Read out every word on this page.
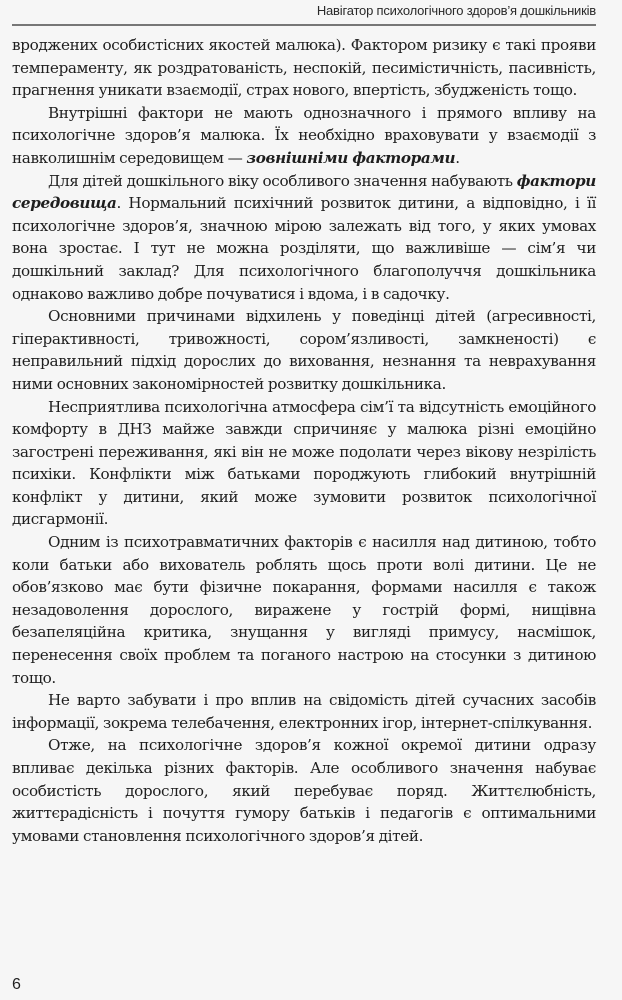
Навігатор психологічного здоров’я дошкільників

вроджених особистісних якостей малюка). Фактором ризику є такі прояви темпераменту, як роздратованість, неспокій, песимістичність, пасивність, прагнення уникати взаємодії, страх нового, впертість, збудженість тощо.

Внутрішні фактори не мають однозначного і прямого впливу на психологічне здоров’я малюка. Їх необхідно враховувати у взаємодії з навколишнім середовищем — зовнішніми факторами.

Для дітей дошкільного віку особливого значення набувають фактори середовища. Нормальний психічний розвиток дитини, а відповідно, і її психологічне здоров’я, значною мірою залежать від того, у яких умовах вона зростає. І тут не можна розділяти, що важливіше — сім’я чи дошкільний заклад? Для психологічного благополуччя дошкільника однаково важливо добре почуватися і вдома, і в садочку.

Основними причинами відхилень у поведінці дітей (агресивності, гіперактивності, тривожності, сором’язливості, замкненості) є неправильний підхід дорослих до виховання, незнання та неврахування ними основних закономірностей розвитку дошкільника.

Несприятлива психологічна атмосфера сім’ї та відсутність емоційного комфорту в ДНЗ майже завжди спричиняє у малюка різні емоційно загострені переживання, які він не може подолати через вікову незрілість психіки. Конфлікти між батьками породжують глибокий внутрішній конфлікт у дитини, який може зумовити розвиток психологічної дисгармонії.

Одним із психотравматичних факторів є насилля над дитиною, тобто коли батьки або вихователь роблять щось проти волі дитини. Це не обов’язково має бути фізичне покарання, формами насилля є також незадоволення дорослого, виражене у гострій формі, нищівна безапеляційна критика, знущання у вигляді примусу, насмішок, перенесення своїх проблем та поганого настрою на стосунки з дитиною тощо.

Не варто забувати і про вплив на свідомість дітей сучасних засобів інформації, зокрема телебачення, електронних ігор, інтернет-спілкування.

Отже, на психологічне здоров’я кожної окремої дитини одразу впливає декілька різних факторів. Але особливого значення набуває особистість дорослого, який перебуває поряд. Життєлюбність, життєрадісність і почуття гумору батьків і педагогів є оптимальними умовами становлення психологічного здоров’я дітей.

6
